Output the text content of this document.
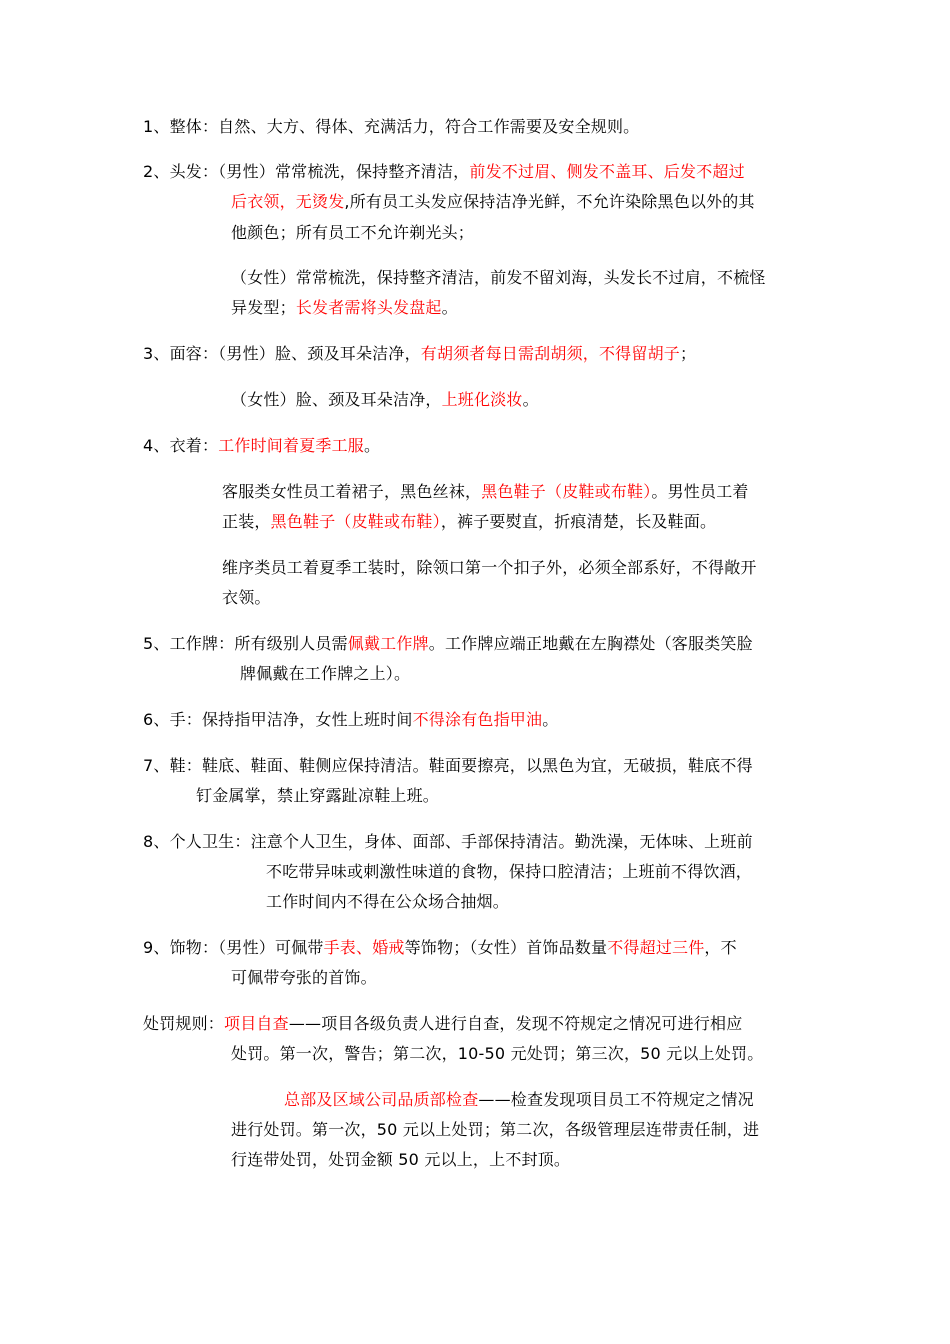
1、整体：自然、大方、得体、充满活力，符合工作需要及安全规则。
2、头发：（男性）常常梳洗，保持整齐清洁，前发不过眉、侧发不盖耳、后发不超过
后衣领，无烫发,所有员工头发应保持洁净光鲜，不允许染除黑色以外的其
他颜色；所有员工不允许剃光头；
（女性）常常梳洗，保持整齐清洁，前发不留刘海，头发长不过肩，不梳怪
异发型；长发者需将头发盘起。
3、面容：（男性）脸、颈及耳朵洁净，有胡须者每日需刮胡须，不得留胡子；
（女性）脸、颈及耳朵洁净，上班化淡妆。
4、衣着：工作时间着夏季工服。
客服类女性员工着裙子，黑色丝袜，黑色鞋子（皮鞋或布鞋）。男性员工着
正装，黑色鞋子（皮鞋或布鞋），裤子要熨直，折痕清楚，长及鞋面。
维序类员工着夏季工装时，除领口第一个扣子外，必须全部系好，不得敞开
衣领。
5、工作牌：所有级别人员需佩戴工作牌。工作牌应端正地戴在左胸襟处（客服类笑脸
牌佩戴在工作牌之上）。
6、手：保持指甲洁净，女性上班时间不得涂有色指甲油。
7、鞋：鞋底、鞋面、鞋侧应保持清洁。鞋面要擦亮，以黑色为宜，无破损，鞋底不得
钉金属掌，禁止穿露趾凉鞋上班。
8、个人卫生：注意个人卫生，身体、面部、手部保持清洁。勤洗澡，无体味、上班前
不吃带异味或刺激性味道的食物，保持口腔清洁；上班前不得饮酒，
工作时间内不得在公众场合抽烟。
9、饰物：（男性）可佩带手表、婚戒等饰物；（女性）首饰品数量不得超过三件，不
可佩带夸张的首饰。
处罚规则：项目自查——项目各级负责人进行自查，发现不符规定之情况可进行相应
处罚。第一次，警告；第二次，10-50 元处罚；第三次，50 元以上处罚。
总部及区域公司品质部检查——检查发现项目员工不符规定之情况
进行处罚。第一次，50 元以上处罚；第二次，各级管理层连带责任制，进
行连带处罚，处罚金额 50 元以上，上不封顶。
